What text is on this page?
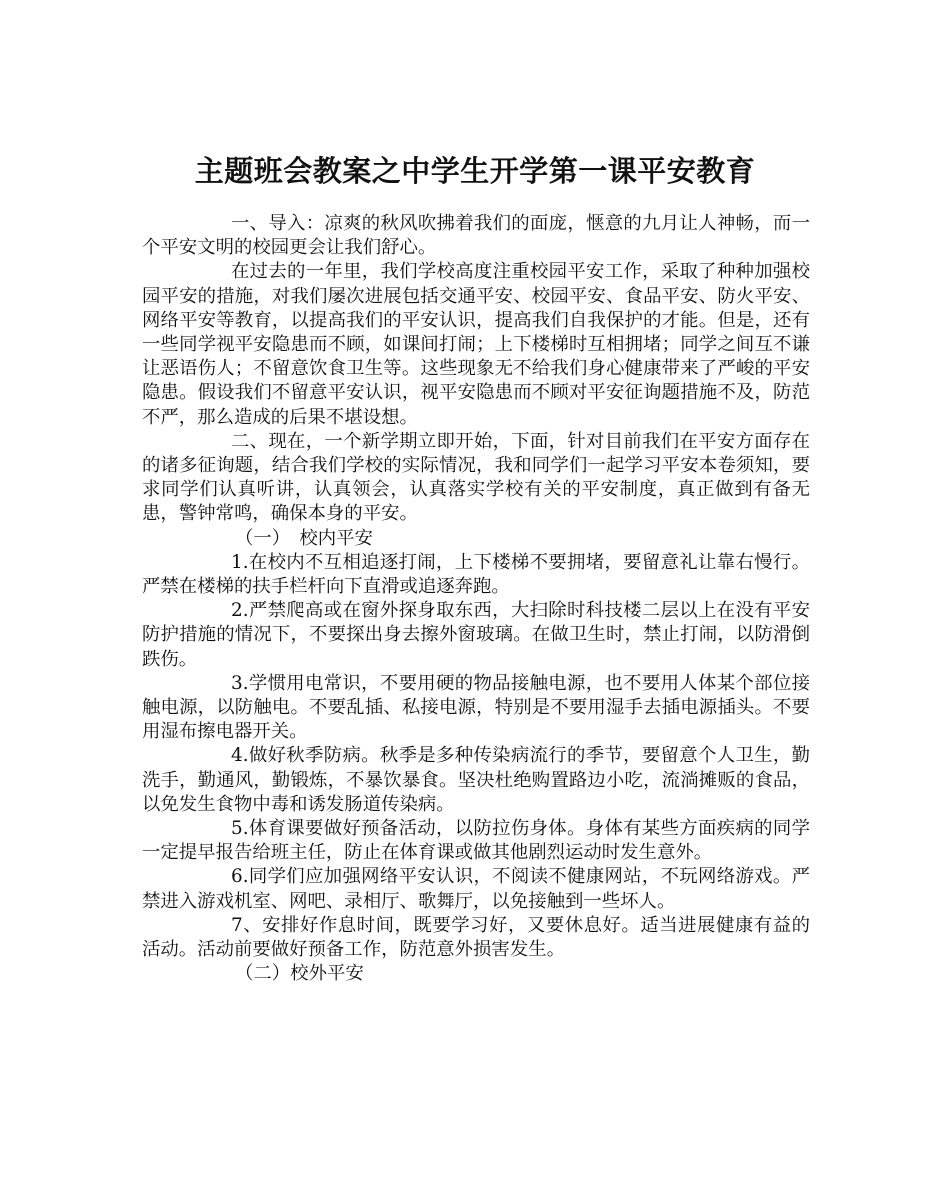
主题班会教案之中学生开学第一课平安教育

一、导入：凉爽的秋风吹拂着我们的面庞，惬意的九月让人神畅，而一个平安文明的校园更会让我们舒心。

在过去的一年里，我们学校高度注重校园平安工作，采取了种种加强校园平安的措施，对我们屡次进展包括交通平安、校园平安、食品平安、防火平安、网络平安等教育，以提高我们的平安认识，提高我们自我保护的才能。但是，还有一些同学视平安隐患而不顾，如课间打闹；上下楼梯时互相拥堵；同学之间互不谦让恶语伤人；不留意饮食卫生等。这些现象无不给我们身心健康带来了严峻的平安隐患。假设我们不留意平安认识，视平安隐患而不顾对平安征询题措施不及，防范不严，那么造成的后果不堪设想。

二、现在，一个新学期立即开始，下面，针对目前我们在平安方面存在的诸多征询题，结合我们学校的实际情况，我和同学们一起学习平安本卷须知，要求同学们认真听讲，认真领会，认真落实学校有关的平安制度，真正做到有备无患，警钟常鸣，确保本身的平安。

（一）　校内平安

1.在校内不互相追逐打闹，上下楼梯不要拥堵，要留意礼让靠右慢行。严禁在楼梯的扶手栏杆向下直滑或追逐奔跑。

2.严禁爬高或在窗外探身取东西，大扫除时科技楼二层以上在没有平安防护措施的情况下，不要探出身去擦外窗玻璃。在做卫生时，禁止打闹，以防滑倒跌伤。

3.学惯用电常识，不要用硬的物品接触电源，也不要用人体某个部位接触电源，以防触电。不要乱插、私接电源，特别是不要用湿手去插电源插头。不要用湿布擦电器开关。

4.做好秋季防病。秋季是多种传染病流行的季节，要留意个人卫生，勤洗手，勤通风，勤锻炼，不暴饮暴食。坚决杜绝购置路边小吃，流淌摊贩的食品，以免发生食物中毒和诱发肠道传染病。

5.体育课要做好预备活动，以防拉伤身体。身体有某些方面疾病的同学一定提早报告给班主任，防止在体育课或做其他剧烈运动时发生意外。

6.同学们应加强网络平安认识，不阅读不健康网站，不玩网络游戏。严禁进入游戏机室、网吧、录相厅、歌舞厅，以免接触到一些坏人。

7、安排好作息时间，既要学习好，又要休息好。适当进展健康有益的活动。活动前要做好预备工作，防范意外损害发生。

（二）校外平安
